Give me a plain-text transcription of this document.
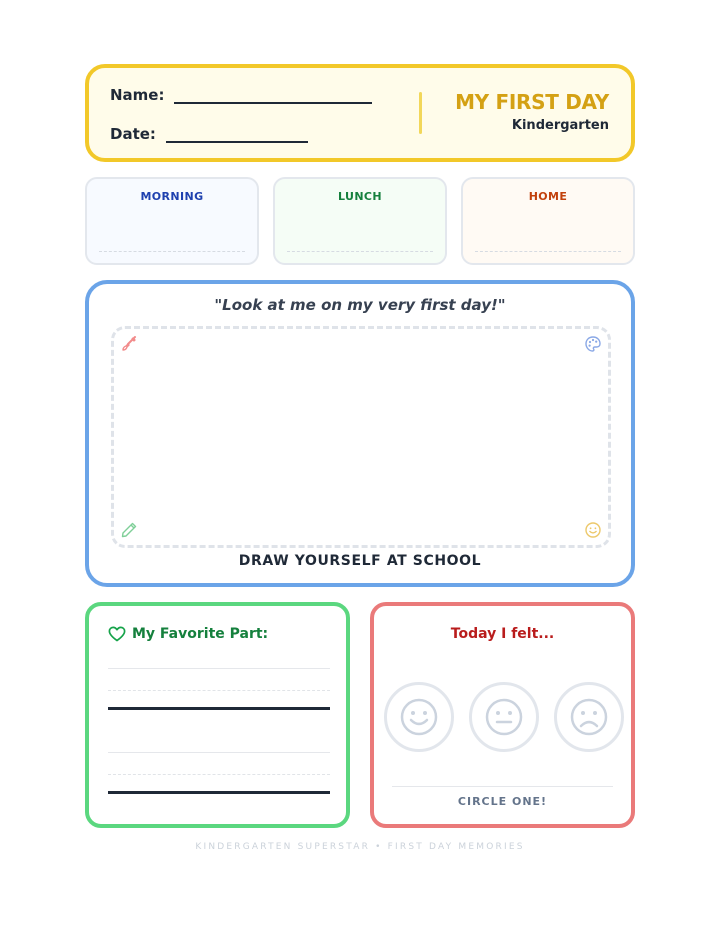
Name:
Date:
MY FIRST DAY
Kindergarten
MORNING	LUNCH	HOME
"Look at me on my very first day!"
DRAW YOURSELF AT SCHOOL
My Favorite Part:	Today I felt...
CIRCLE ONE!
KINDERGARTEN SUPERSTAR • FIRST DAY MEMORIES
